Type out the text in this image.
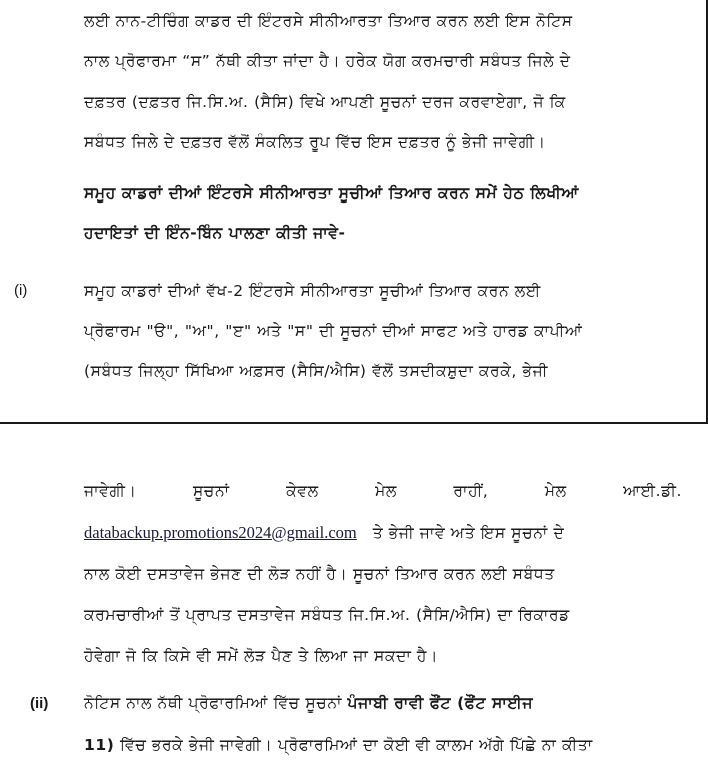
ਲਈ ਨਾਨ-ਟੀਚਿੰਗ ਕਾਡਰ ਦੀ ਇੰਟਰਸੇ ਸੀਨੀਆਰਤਾ ਤਿਆਰ ਕਰਨ ਲਈ ਇਸ ਨੋਟਿਸ

ਨਾਲ ਪ੍ਰੋਫਾਰਮਾ “ਸ” ਨੱਥੀ ਕੀਤਾ ਜਾਂਦਾ ਹੈ। ਹਰੇਕ ਯੋਗ ਕਰਮਚਾਰੀ ਸਬੰਧਤ ਜਿਲੇ ਦੇ

ਦਫ਼ਤਰ (ਦਫ਼ਤਰ ਜਿ.ਸਿ.ਅ. (ਸੈਸਿ) ਵਿਖੇ ਆਪਣੀ ਸੂਚਨਾਂ ਦਰਜ ਕਰਵਾਏਗਾ, ਜੋ ਕਿ

ਸਬੰਧਤ ਜਿਲੇ ਦੇ ਦਫ਼ਤਰ ਵੱਲੋਂ ਸੰਕਲਿਤ ਰੂਪ ਵਿੱਚ ਇਸ ਦਫ਼ਤਰ ਨੂੰ ਭੇਜੀ ਜਾਵੇਗੀ।

ਸਮੂਹ ਕਾਡਰਾਂ ਦੀਆਂ ਇੰਟਰਸੇ ਸੀਨੀਆਰਤਾ ਸੂਚੀਆਂ ਤਿਆਰ ਕਰਨ ਸਮੇਂ ਹੇਠ ਲਿਖੀਆਂ

ਹਦਾਇਤਾਂ ਦੀ ਇੰਨ-ਬਿੰਨ ਪਾਲਣਾ ਕੀਤੀ ਜਾਵੇ-

(i)	ਸਮੂਹ ਕਾਡਰਾਂ ਦੀਆਂ ਵੱਖ-2 ਇੰਟਰਸੇ ਸੀਨੀਆਰਤਾ ਸੂਚੀਆਂ ਤਿਆਰ ਕਰਨ ਲਈ

ਪ੍ਰੋਫਾਰਮ "ੳ", "ਅ", "ੲ" ਅਤੇ "ਸ" ਦੀ ਸੂਚਨਾਂ ਦੀਆਂ ਸਾਫਟ ਅਤੇ ਹਾਰਡ ਕਾਪੀਆਂ

(ਸਬੰਧਤ ਜਿਲ੍ਹਾ ਸਿੱਖਿਆ ਅਫ਼ਸਰ (ਸੈਸਿ/ਐਸਿ) ਵੱਲੋਂ ਤਸਦੀਕਸ਼ੁਦਾ ਕਰਕੇ, ਭੇਜੀ

ਜਾਵੇਗੀ।	ਸੂਚਨਾਂ	ਕੇਵਲ	ਮੇਲ	ਰਾਹੀਂ,	ਮੇਲ	ਆਈ.ਡੀ.

databackup.promotions2024@gmail.com ਤੇ ਭੇਜੀ ਜਾਵੇ ਅਤੇ ਇਸ ਸੂਚਨਾਂ ਦੇ

ਨਾਲ ਕੋਈ ਦਸਤਾਵੇਜ ਭੇਜਣ ਦੀ ਲੋੜ ਨਹੀਂ ਹੈ। ਸੂਚਨਾਂ ਤਿਆਰ ਕਰਨ ਲਈ ਸਬੰਧਤ

ਕਰਮਚਾਰੀਆਂ ਤੋਂ ਪ੍ਰਾਪਤ ਦਸਤਾਵੇਜ ਸਬੰਧਤ ਜਿ.ਸਿ.ਅ. (ਸੈਸਿ/ਐਸਿ) ਦਾ ਰਿਕਾਰਡ

ਹੋਵੇਗਾ ਜੋ ਕਿ ਕਿਸੇ ਵੀ ਸਮੇਂ ਲੋੜ ਪੈਣ ਤੇ ਲਿਆ ਜਾ ਸਕਦਾ ਹੈ।

(ii) ਨੋਟਿਸ ਨਾਲ ਨੱਥੀ ਪ੍ਰੋਫਾਰਮਿਆਂ ਵਿੱਚ ਸੂਚਨਾਂ ਪੰਜਾਬੀ ਰਾਵੀ ਫੌਂਟ (ਫੌਂਟ ਸਾਈਜ

11) ਵਿੱਚ ਭਰਕੇ ਭੇਜੀ ਜਾਵੇਗੀ। ਪ੍ਰੋਫਾਰਮਿਆਂ ਦਾ ਕੋਈ ਵੀ ਕਾਲਮ ਅੱਗੇ ਪਿੱਛੇ ਨਾ ਕੀਤਾ
